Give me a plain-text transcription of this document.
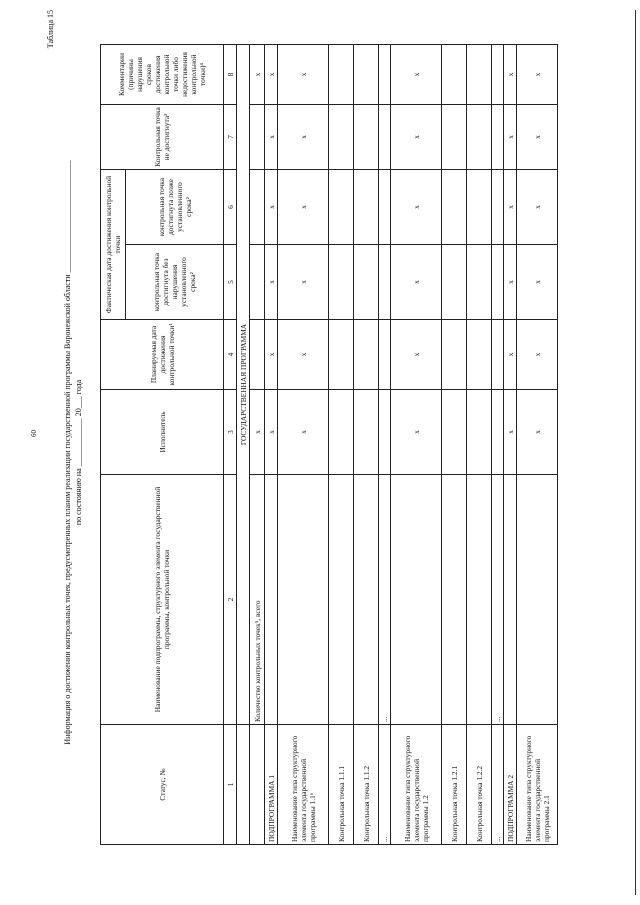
60
Таблица 15
Информация о достижении контрольных точек, предусмотренных планом реализации государственной программы Воронежской области ____________________________ по состоянию на ____________ 20___ года
Статус, №	Наименование подпрограммы, структурного элемента государственной программы, контрольной точки	Исполнитель	Планируемая дата достижения контрольной точки¹	Фактическая дата достижения контрольной точки		Контрольная точка не достигнута³	Комментарии (причины нарушения сроков достижения контрольной точки либо недостижения контрольной точки)⁴
				контрольная точка достигнута без нарушения установленного срока²	контрольная точка достигнута позже установленного срока²		
1	2	3	4	5	6	7	8
	ГОСУДАРСТВЕННАЯ ПРОГРАММА						
	Количество контрольных точек⁵, всего	x					x
ПОДПРОГРАММА 1		x	x	x	x	x	x
Наименование типа структурного элемента государственной программы 1.1⁶		x	x	x	x	x	x
Контрольная точка 1.1.1							
Контрольная точка 1.1.2							
...	...						
Наименование типа структурного элемента государственной программы 1.2		x	x	x	x	x	x
Контрольная точка 1.2.1							
Контрольная точка 1.2.2							
...	...						
ПОДПРОГРАММА 2		x	x	x	x	x	x
Наименование типа структурного элемента государственной программы 2.1		x	x	x	x	x	x
